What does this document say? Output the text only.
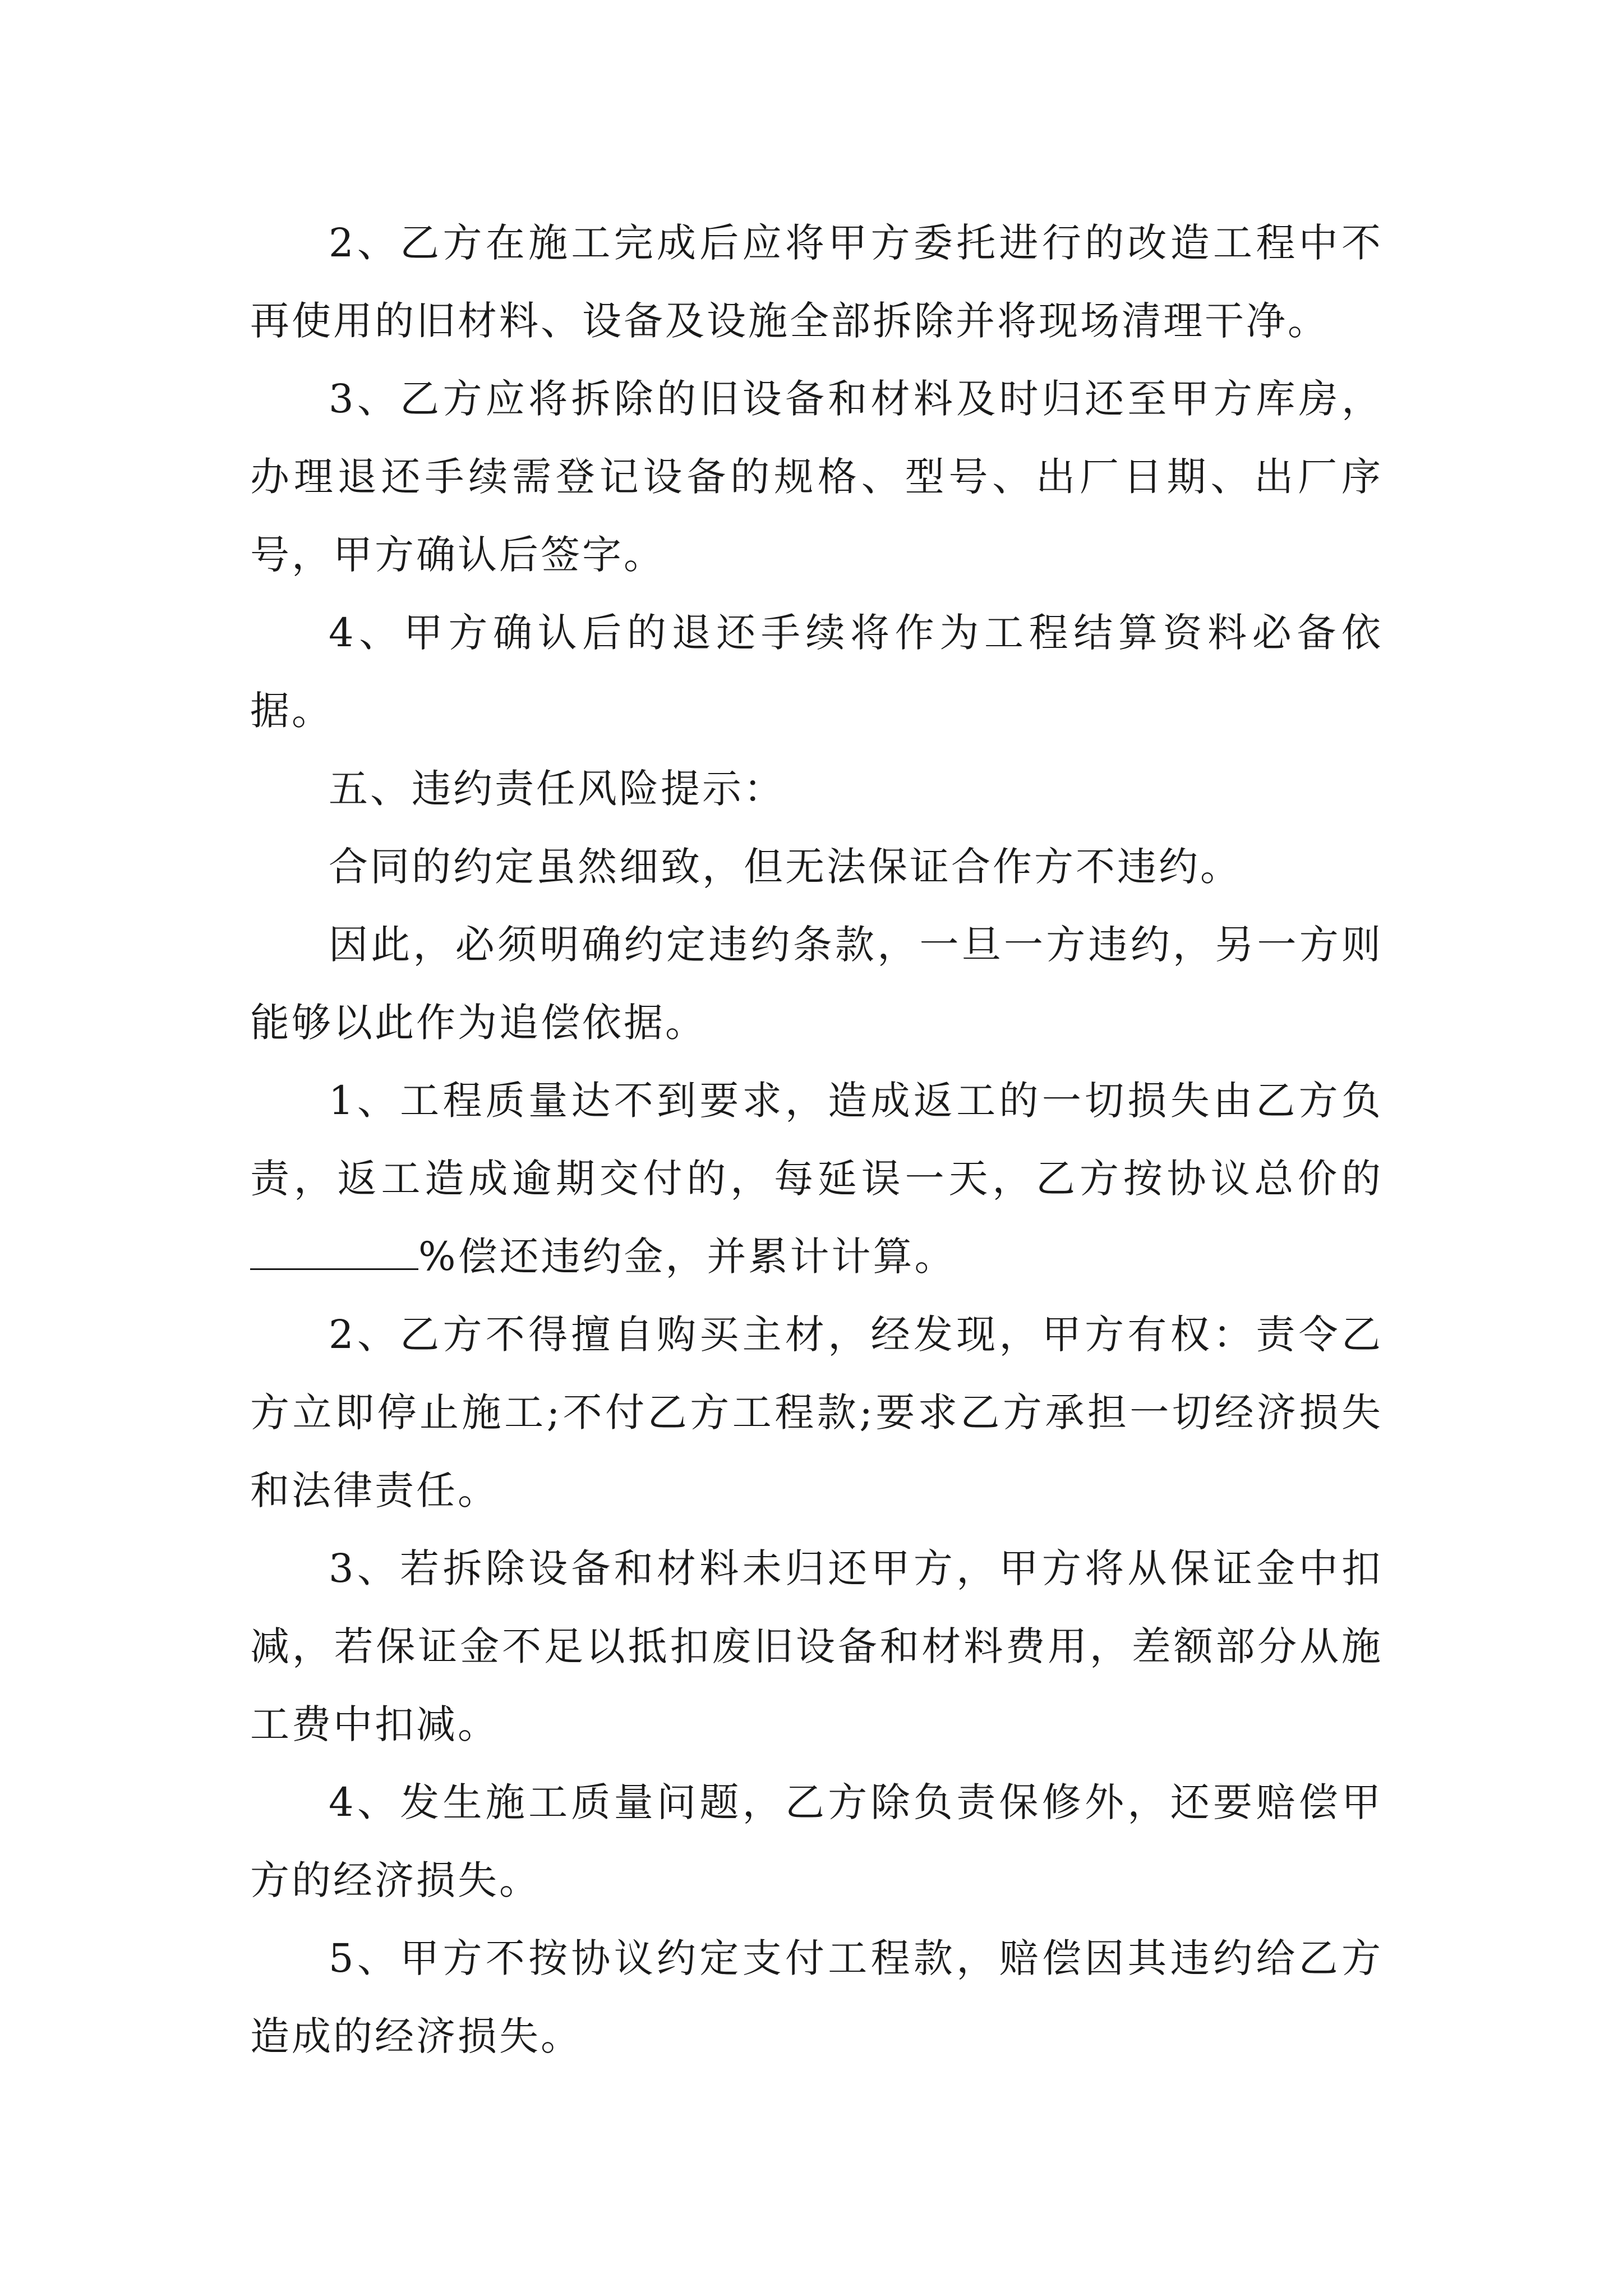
2、乙方在施工完成后应将甲方委托进行的改造工程中不再使用的旧材料、设备及设施全部拆除并将现场清理干净。

3、乙方应将拆除的旧设备和材料及时归还至甲方库房，办理退还手续需登记设备的规格、型号、出厂日期、出厂序号，甲方确认后签字。

4、甲方确认后的退还手续将作为工程结算资料必备依据。

五、违约责任风险提示：

合同的约定虽然细致，但无法保证合作方不违约。

因此，必须明确约定违约条款，一旦一方违约，另一方则能够以此作为追偿依据。

1、工程质量达不到要求，造成返工的一切损失由乙方负责，返工造成逾期交付的，每延误一天，乙方按协议总价的%偿还违约金，并累计计算。

2、乙方不得擅自购买主材，经发现，甲方有权：责令乙方立即停止施工;不付乙方工程款;要求乙方承担一切经济损失和法律责任。

3、若拆除设备和材料未归还甲方，甲方将从保证金中扣减，若保证金不足以抵扣废旧设备和材料费用，差额部分从施工费中扣减。

4、发生施工质量问题，乙方除负责保修外，还要赔偿甲方的经济损失。

5、甲方不按协议约定支付工程款，赔偿因其违约给乙方造成的经济损失。
